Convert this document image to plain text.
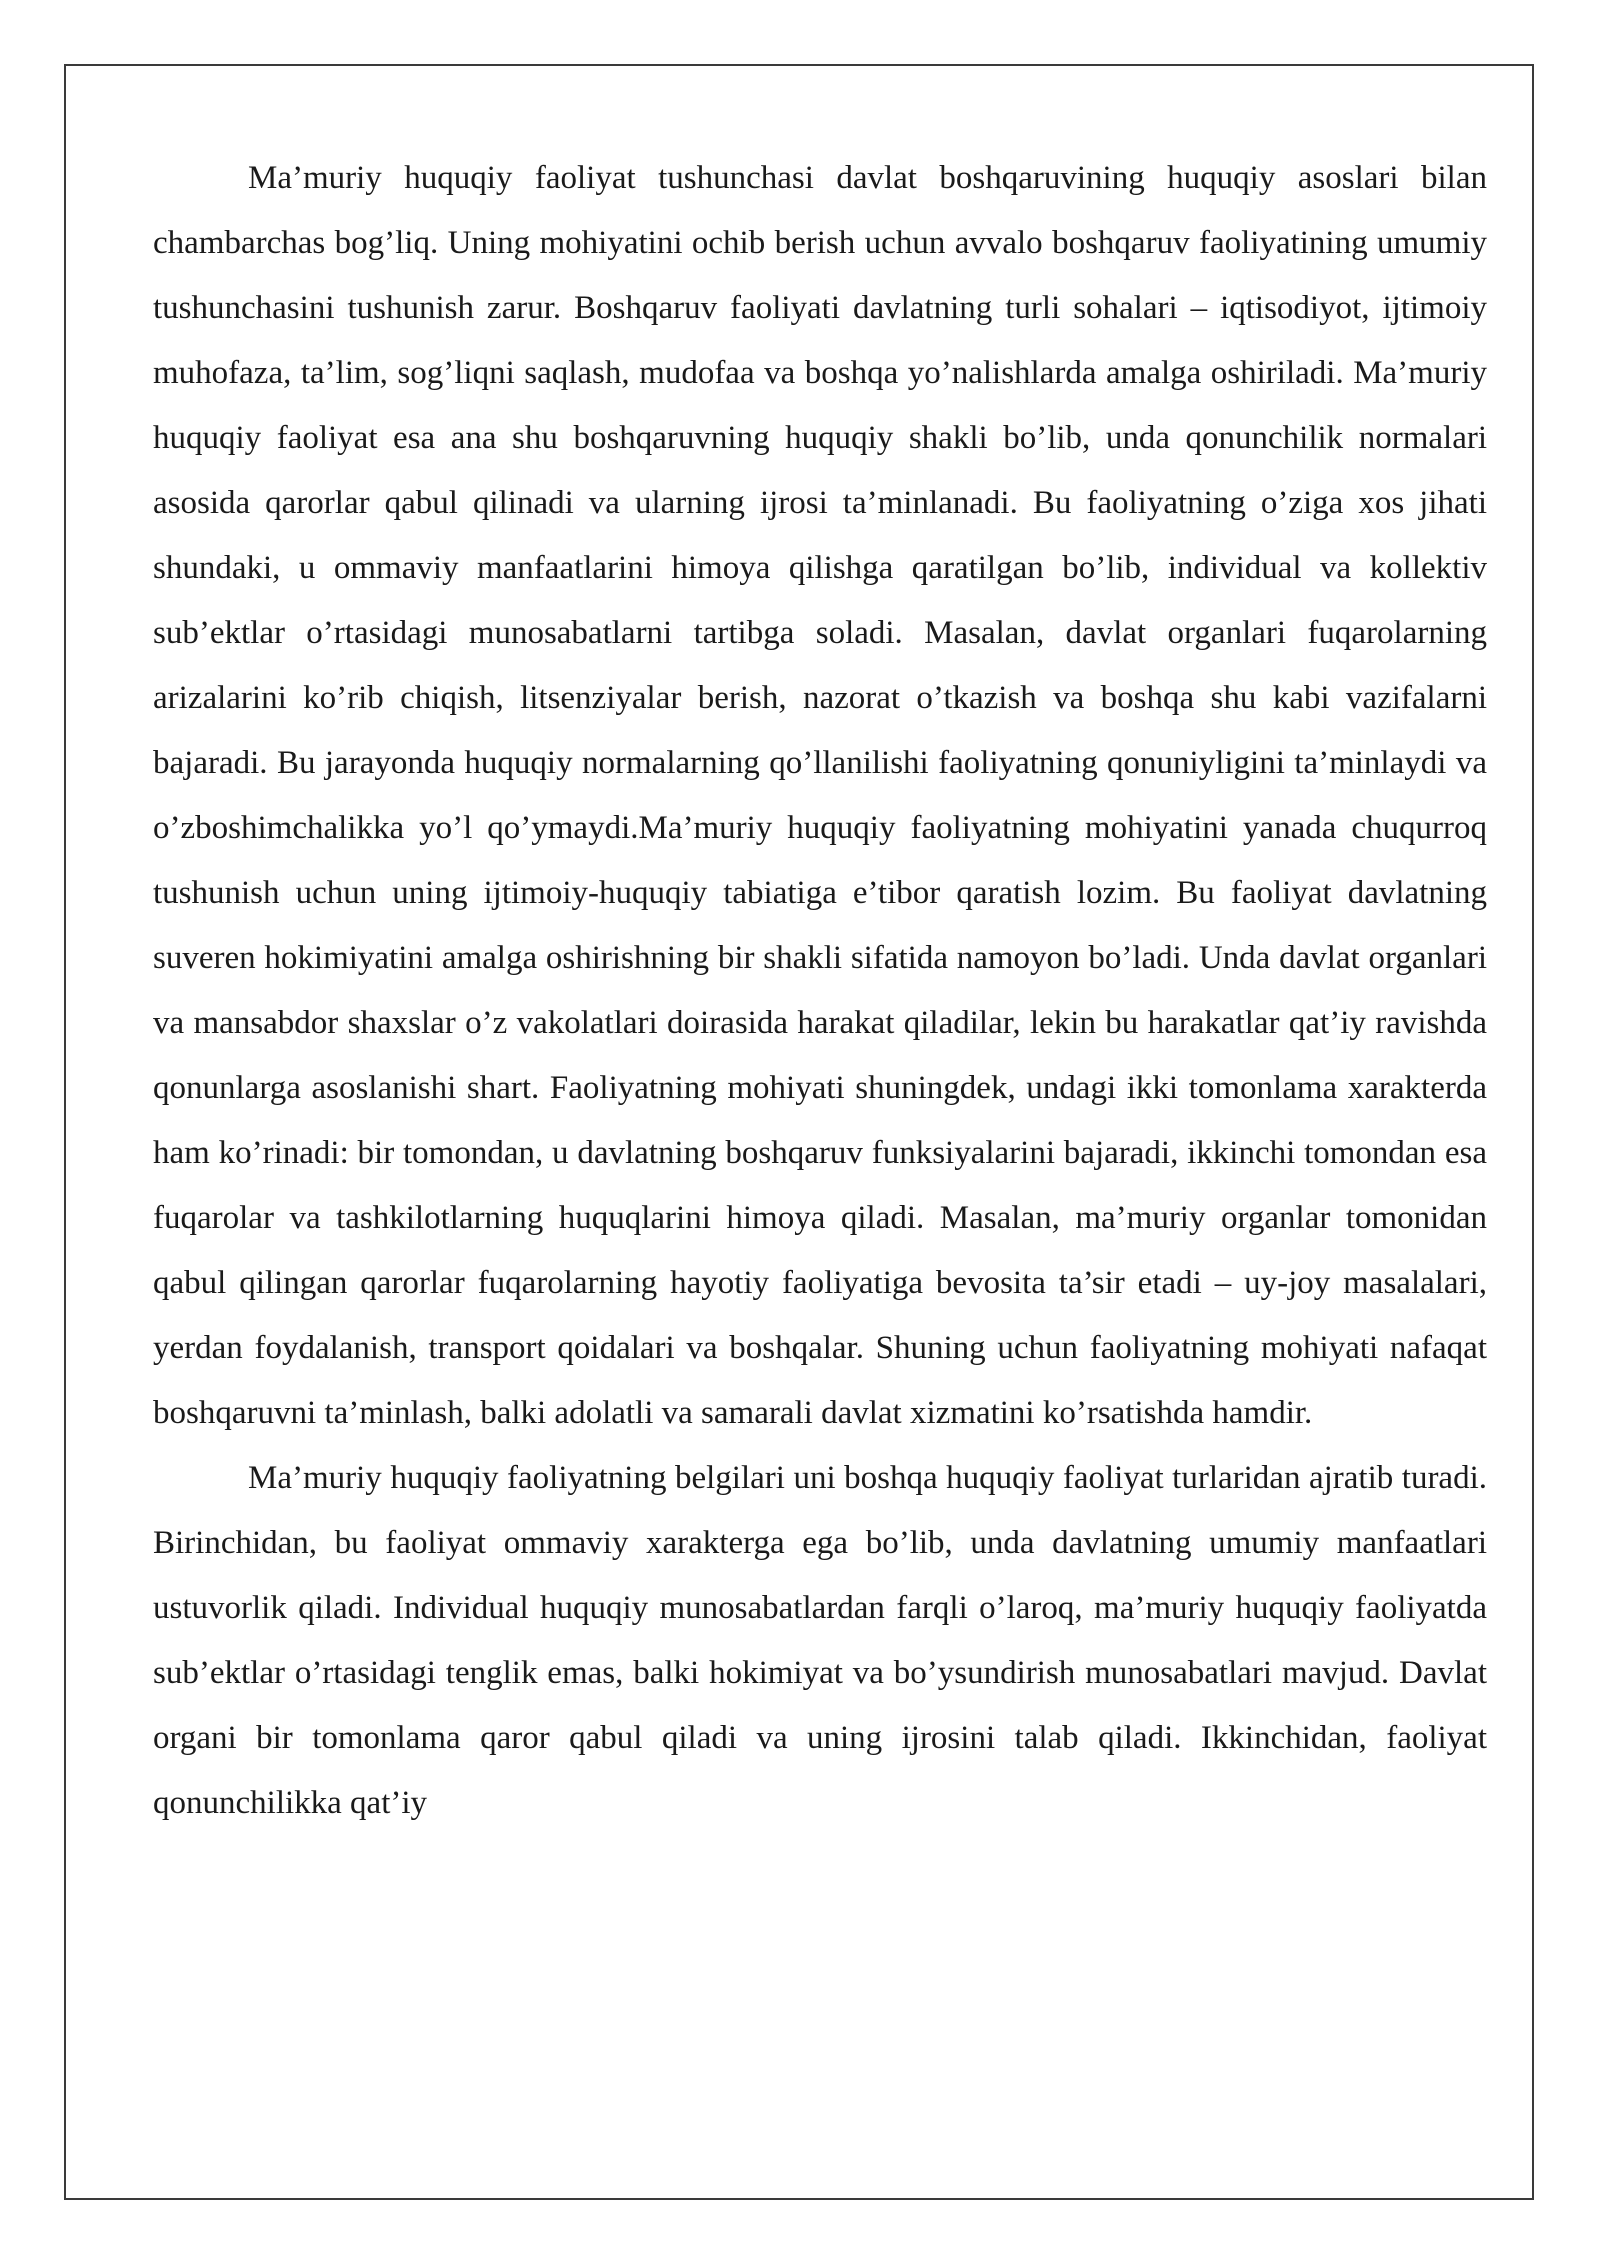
Ma’muriy huquqiy faoliyat tushunchasi davlat boshqaruvining huquqiy asoslari bilan chambarchas bog’liq. Uning mohiyatini ochib berish uchun avvalo boshqaruv faoliyatining umumiy tushunchasini tushunish zarur. Boshqaruv faoliyati davlatning turli sohalari – iqtisodiyot, ijtimoiy muhofaza, ta’lim, sog’liqni saqlash, mudofaa va boshqa yo’nalishlarda amalga oshiriladi. Ma’muriy huquqiy faoliyat esa ana shu boshqaruvning huquqiy shakli bo’lib, unda qonunchilik normalari asosida qarorlar qabul qilinadi va ularning ijrosi ta’minlanadi. Bu faoliyatning o’ziga xos jihati shundaki, u ommaviy manfaatlarini himoya qilishga qaratilgan bo’lib, individual va kollektiv sub’ektlar o’rtasidagi munosabatlarni tartibga soladi. Masalan, davlat organlari fuqarolarning arizalarini ko’rib chiqish, litsenziyalar berish, nazorat o’tkazish va boshqa shu kabi vazifalarni bajaradi. Bu jarayonda huquqiy normalarning qo’llanilishi faoliyatning qonuniyligini ta’minlaydi va o’zboshimchalikka yo’l qo’ymaydi.Ma’muriy huquqiy faoliyatning mohiyatini yanada chuqurroq tushunish uchun uning ijtimoiy-huquqiy tabiatiga e’tibor qaratish lozim. Bu faoliyat davlatning suveren hokimiyatini amalga oshirishning bir shakli sifatida namoyon bo’ladi. Unda davlat organlari va mansabdor shaxslar o’z vakolatlari doirasida harakat qiladilar, lekin bu harakatlar qat’iy ravishda qonunlarga asoslanishi shart. Faoliyatning mohiyati shuningdek, undagi ikki tomonlama xarakterda ham ko’rinadi: bir tomondan, u davlatning boshqaruv funksiyalarini bajaradi, ikkinchi tomondan esa fuqarolar va tashkilotlarning huquqlarini himoya qiladi. Masalan, ma’muriy organlar tomonidan qabul qilingan qarorlar fuqarolarning hayotiy faoliyatiga bevosita ta’sir etadi – uy-joy masalalari, yerdan foydalanish, transport qoidalari va boshqalar. Shuning uchun faoliyatning mohiyati nafaqat boshqaruvni ta’minlash, balki adolatli va samarali davlat xizmatini ko’rsatishda hamdir.

Ma’muriy huquqiy faoliyatning belgilari uni boshqa huquqiy faoliyat turlaridan ajratib turadi. Birinchidan, bu faoliyat ommaviy xarakterga ega bo’lib, unda davlatning umumiy manfaatlari ustuvorlik qiladi. Individual huquqiy munosabatlardan farqli o’laroq, ma’muriy huquqiy faoliyatda sub’ektlar o’rtasidagi tenglik emas, balki hokimiyat va bo’ysundirish munosabatlari mavjud. Davlat organi bir tomonlama qaror qabul qiladi va uning ijrosini talab qiladi. Ikkinchidan, faoliyat qonunchilikka qat’iy
